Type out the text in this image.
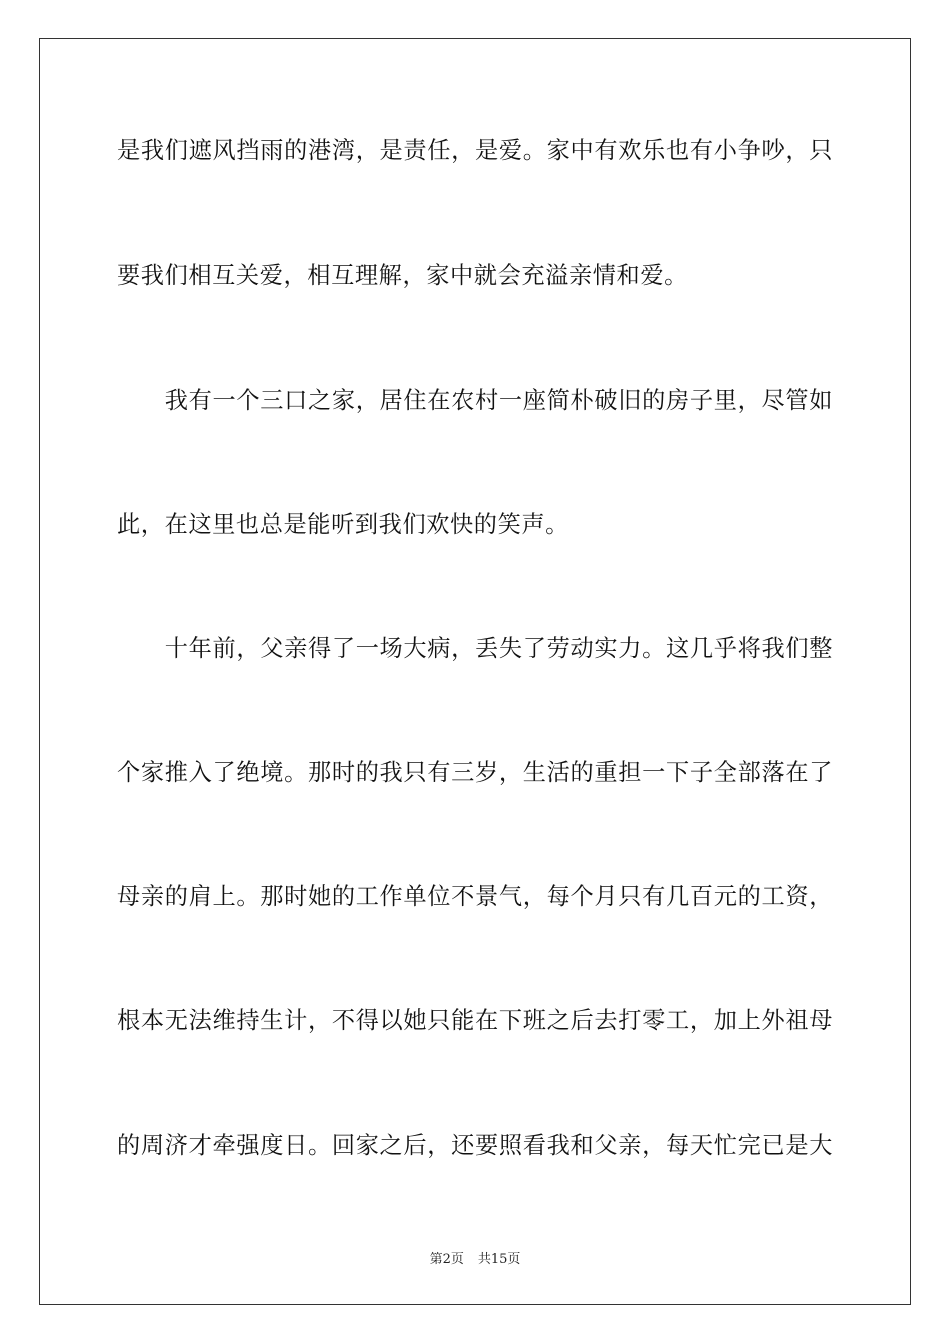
是我们遮风挡雨的港湾，是责任，是爱。家中有欢乐也有小争吵，只
要我们相互关爱，相互理解，家中就会充溢亲情和爱。
　　我有一个三口之家，居住在农村一座简朴破旧的房子里，尽管如
此，在这里也总是能听到我们欢快的笑声。
　　十年前，父亲得了一场大病，丢失了劳动实力。这几乎将我们整
个家推入了绝境。那时的我只有三岁，生活的重担一下子全部落在了
母亲的肩上。那时她的工作单位不景气，每个月只有几百元的工资，
根本无法维持生计，不得以她只能在下班之后去打零工，加上外祖母
的周济才牵强度日。回家之后，还要照看我和父亲，每天忙完已是大
第2页 共15页
